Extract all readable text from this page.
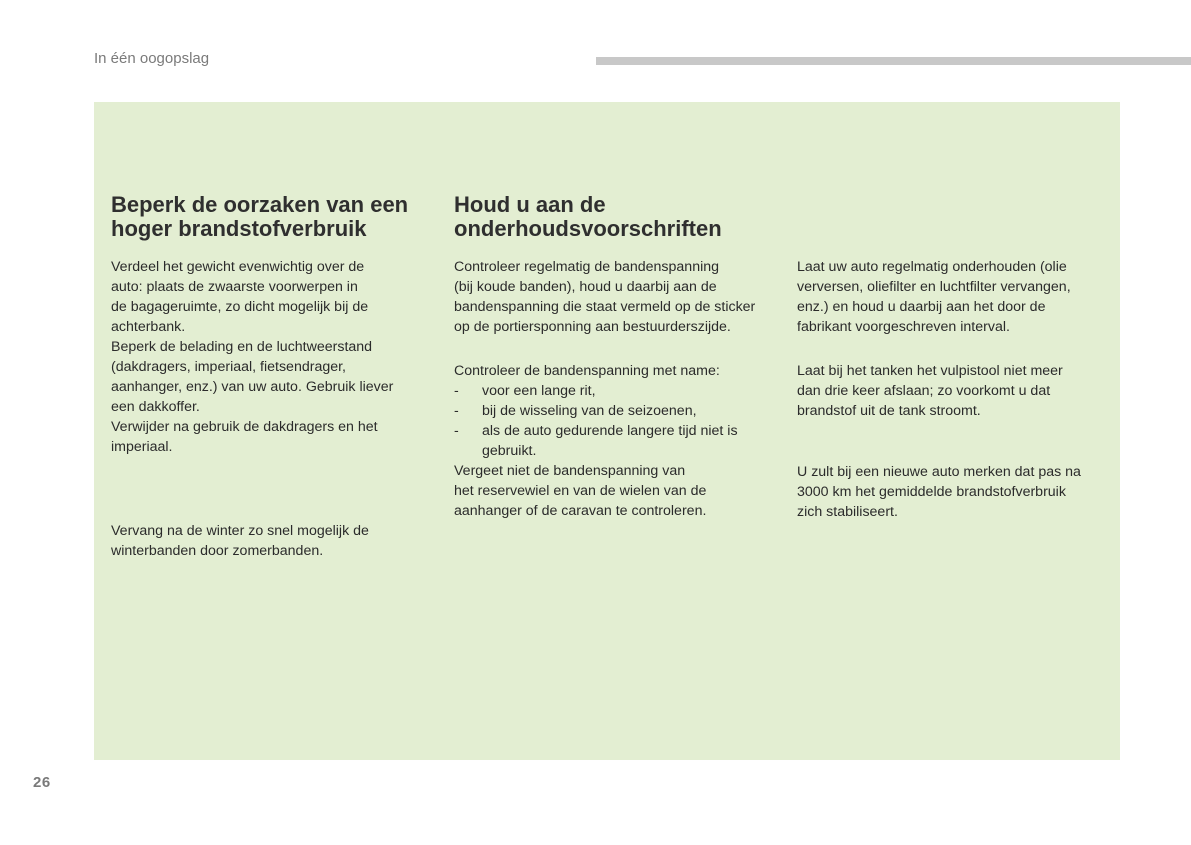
In één oogopslag
Beperk de oorzaken van een
hoger brandstofverbruik
Verdeel het gewicht evenwichtig over de
auto: plaats de zwaarste voorwerpen in
de bagageruimte, zo dicht mogelijk bij de
achterbank.
Beperk de belading en de luchtweerstand
(dakdragers, imperiaal, fietsendrager,
aanhanger, enz.) van uw auto. Gebruik liever
een dakkoffer.
Verwijder na gebruik de dakdragers en het
imperiaal.
Vervang na de winter zo snel mogelijk de
winterbanden door zomerbanden.
Houd u aan de
onderhoudsvoorschriften
Controleer regelmatig de bandenspanning
(bij koude banden), houd u daarbij aan de
bandenspanning die staat vermeld op de sticker
op de portiersponning aan bestuurderszijde.
Controleer de bandenspanning met name:
- voor een lange rit,
- bij de wisseling van de seizoenen,
- als de auto gedurende langere tijd niet is
gebruikt.
Vergeet niet de bandenspanning van
het reservewiel en van de wielen van de
aanhanger of de caravan te controleren.
Laat uw auto regelmatig onderhouden (olie
verversen, oliefilter en luchtfilter vervangen,
enz.) en houd u daarbij aan het door de
fabrikant voorgeschreven interval.
Laat bij het tanken het vulpistool niet meer
dan drie keer afslaan; zo voorkomt u dat
brandstof uit de tank stroomt.
U zult bij een nieuwe auto merken dat pas na
3000 km het gemiddelde brandstofverbruik
zich stabiliseert.
26
